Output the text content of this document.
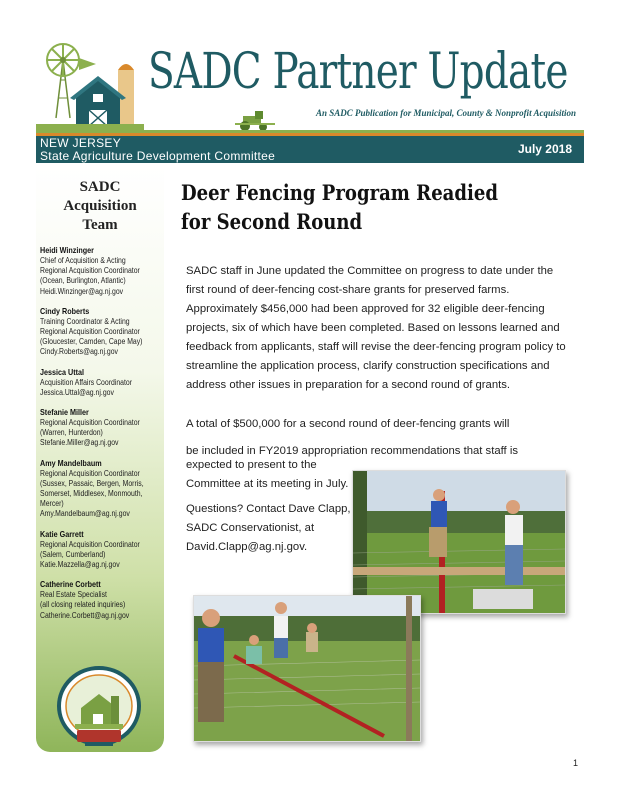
SADC Partner Update
An SADC Publication for Municipal, County & Nonprofit Acquisition
NEW JERSEY
State Agriculture Development Committee	July 2018
SADC
Acquisition
Team
Heidi Winzinger
Chief of Acquisition & Acting
Regional Acquisition Coordinator
(Ocean, Burlington, Atlantic)
Heidi.Winzinger@ag.nj.gov
Cindy Roberts
Training Coordinator & Acting
Regional Acquisition Coordinator
(Gloucester, Camden, Cape May)
Cindy.Roberts@ag.nj.gov
Jessica Uttal
Acquisition Affairs Coordinator
Jessica.Uttal@ag.nj.gov
Stefanie Miller
Regional Acquisition Coordinator
(Warren, Hunterdon)
Stefanie.Miller@ag.nj.gov
Amy Mandelbaum
Regional Acquisition Coordinator
(Sussex, Passaic, Bergen, Morris,
Somerset, Middlesex, Monmouth,
Mercer)
Amy.Mandelbaum@ag.nj.gov
Katie Garrett
Regional Acquisition Coordinator
(Salem, Cumberland)
Katie.Mazzella@ag.nj.gov
Catherine Corbett
Real Estate Specialist
(all closing related inquiries)
Catherine.Corbett@ag.nj.gov
Deer Fencing Program Readied
for Second Round
SADC staff in June updated the Committee on progress to date under the first round of deer-fencing cost-share grants for preserved farms. Approximately $456,000 had been approved for 32 eligible deer-fencing projects, six of which have been completed. Based on lessons learned and feedback from applicants, staff will revise the deer-fencing program policy to streamline the application process, clarify construction specifications and address other issues in preparation for a second round of grants.
A total of $500,000 for a second round of deer-fencing grants will
be included in FY2019 appropriation recommendations that staff is
expected to present to the Committee at its meeting in July.
Questions? Contact Dave Clapp, SADC Conservationist, at David.Clapp@ag.nj.gov.
1
